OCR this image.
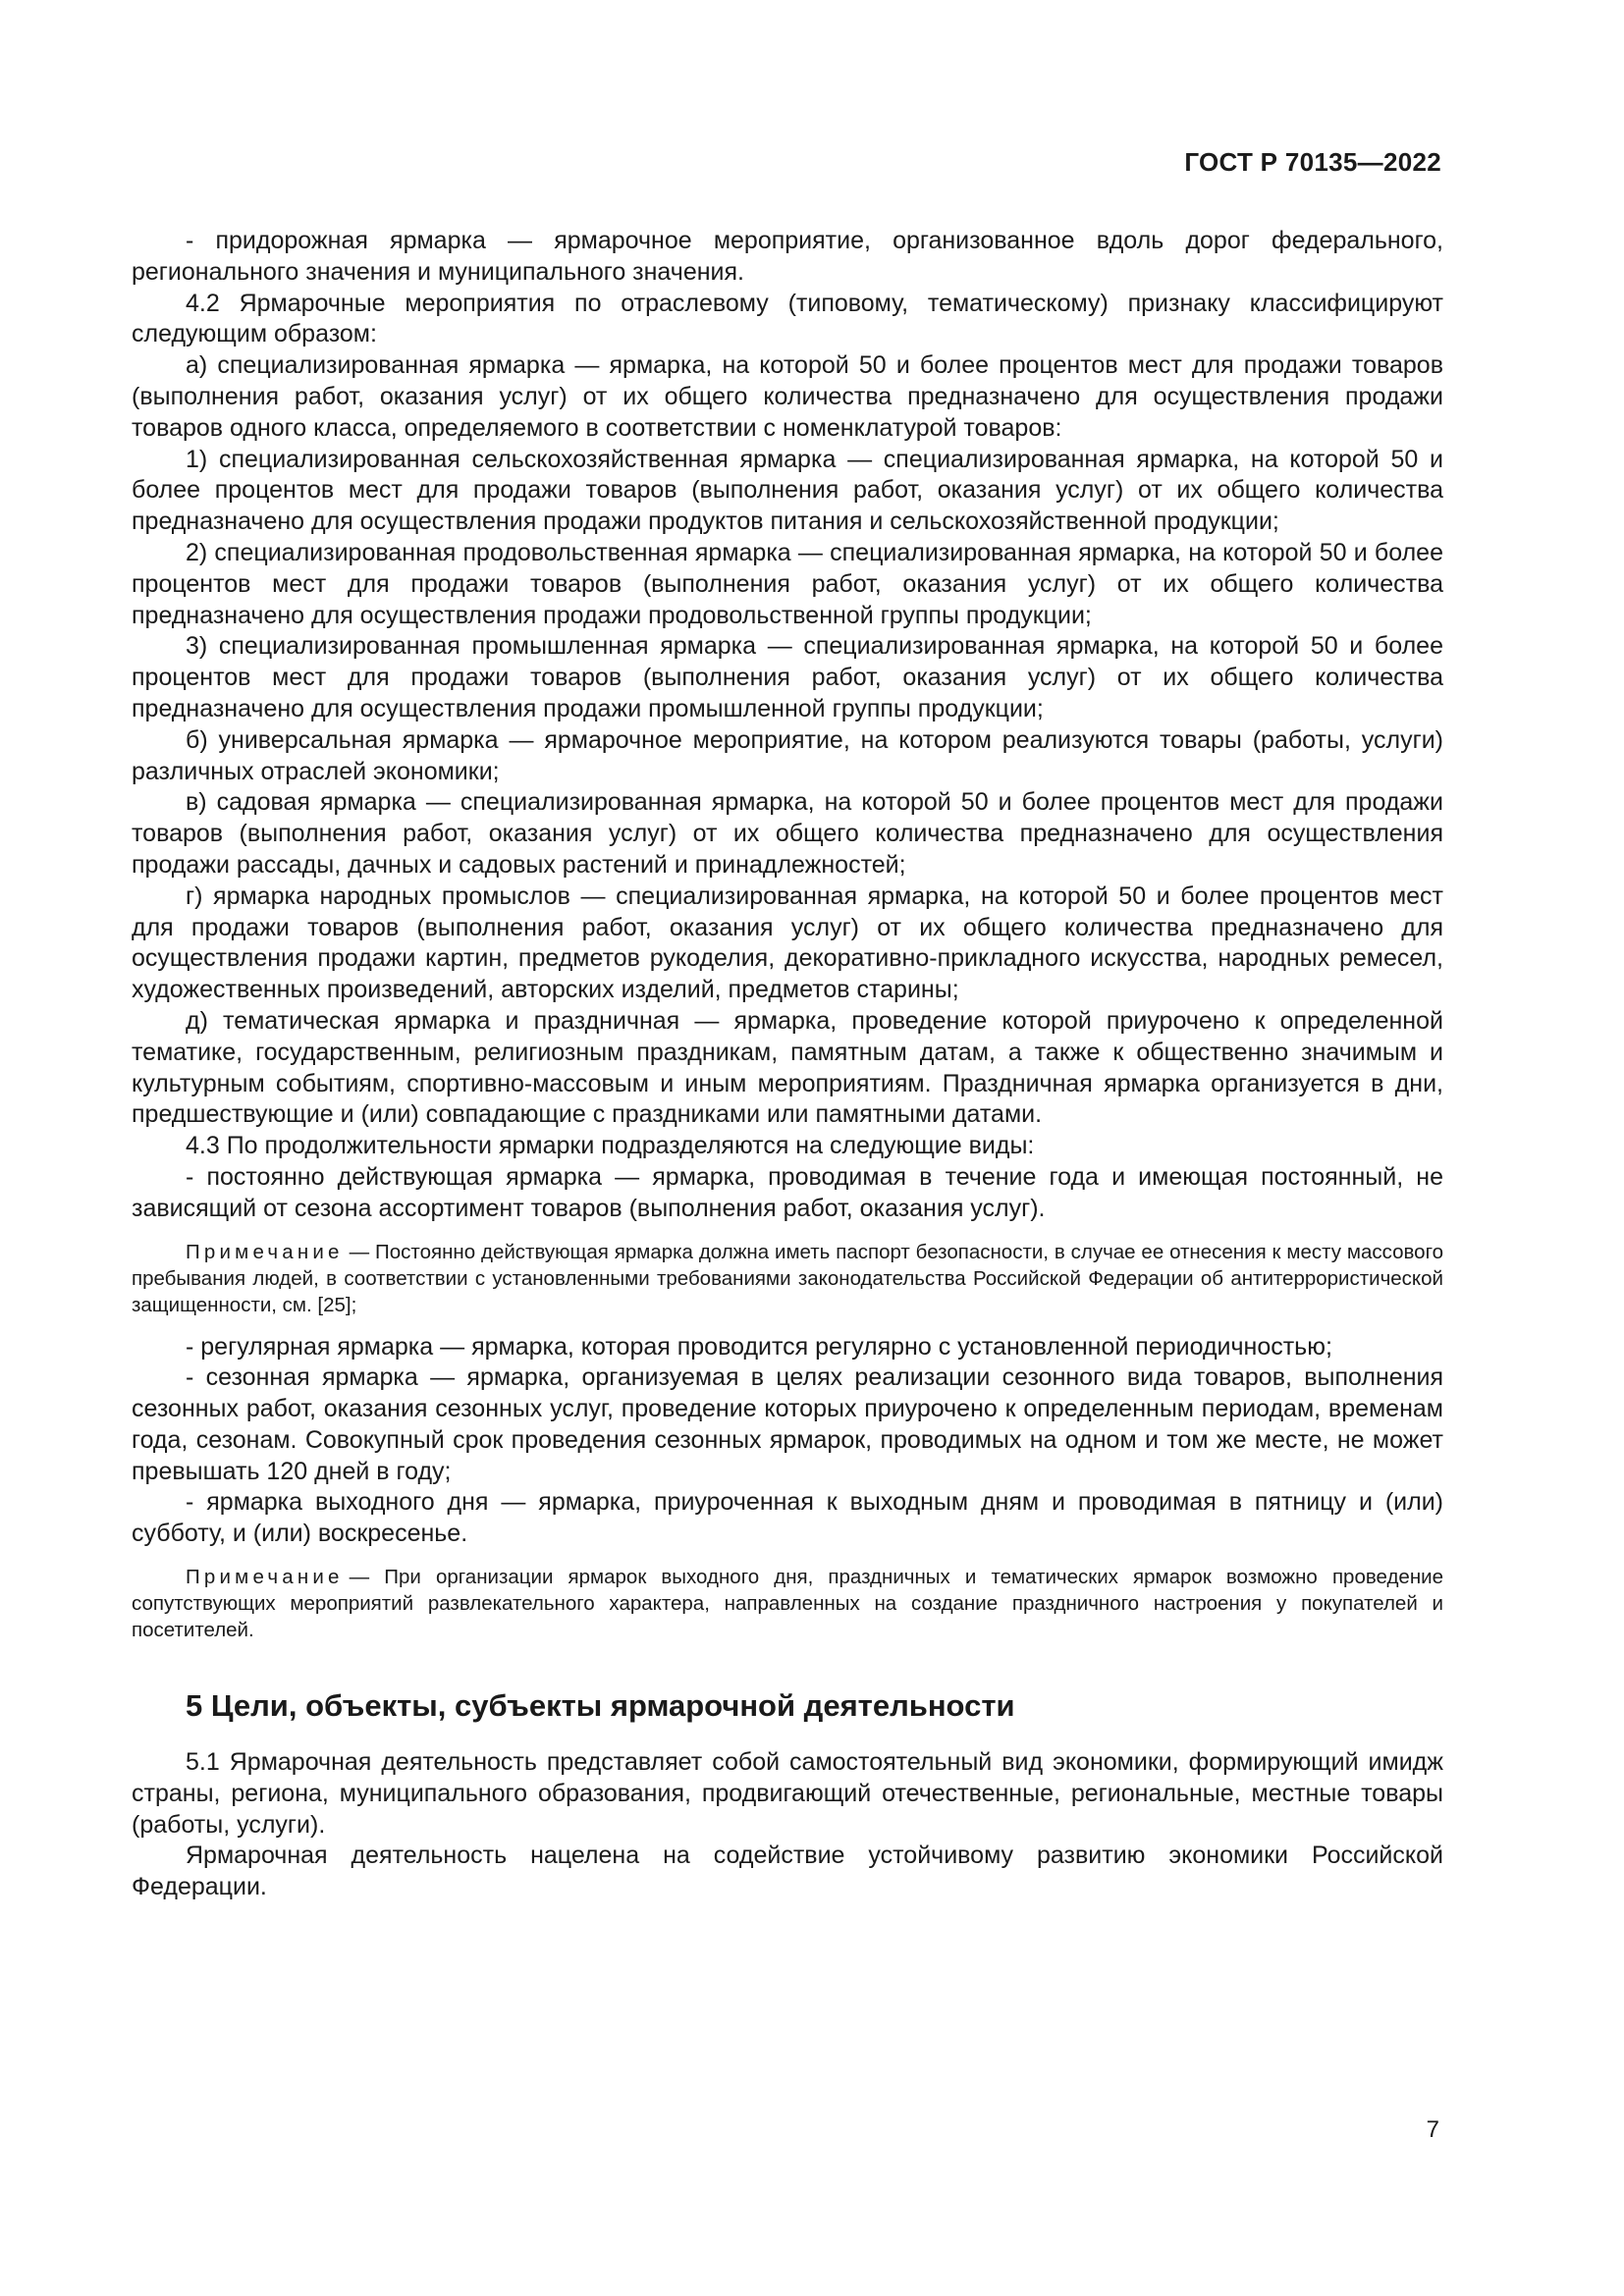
ГОСТ Р 70135—2022

- придорожная ярмарка — ярмарочное мероприятие, организованное вдоль дорог федерального, регионального значения и муниципального значения.

4.2 Ярмарочные мероприятия по отраслевому (типовому, тематическому) признаку классифицируют следующим образом:

а) специализированная ярмарка — ярмарка, на которой 50 и более процентов мест для продажи товаров (выполнения работ, оказания услуг) от их общего количества предназначено для осуществления продажи товаров одного класса, определяемого в соответствии с номенклатурой товаров:

1) специализированная сельскохозяйственная ярмарка — специализированная ярмарка, на которой 50 и более процентов мест для продажи товаров (выполнения работ, оказания услуг) от их общего количества предназначено для осуществления продажи продуктов питания и сельскохозяйственной продукции;

2) специализированная продовольственная ярмарка — специализированная ярмарка, на которой 50 и более процентов мест для продажи товаров (выполнения работ, оказания услуг) от их общего количества предназначено для осуществления продажи продовольственной группы продукции;

3) специализированная промышленная ярмарка — специализированная ярмарка, на которой 50 и более процентов мест для продажи товаров (выполнения работ, оказания услуг) от их общего количества предназначено для осуществления продажи промышленной группы продукции;

б) универсальная ярмарка — ярмарочное мероприятие, на котором реализуются товары (работы, услуги) различных отраслей экономики;

в) садовая ярмарка — специализированная ярмарка, на которой 50 и более процентов мест для продажи товаров (выполнения работ, оказания услуг) от их общего количества предназначено для осуществления продажи рассады, дачных и садовых растений и принадлежностей;

г) ярмарка народных промыслов — специализированная ярмарка, на которой 50 и более процентов мест для продажи товаров (выполнения работ, оказания услуг) от их общего количества предназначено для осуществления продажи картин, предметов рукоделия, декоративно-прикладного искусства, народных ремесел, художественных произведений, авторских изделий, предметов старины;

д) тематическая ярмарка и праздничная — ярмарка, проведение которой приурочено к определенной тематике, государственным, религиозным праздникам, памятным датам, а также к общественно значимым и культурным событиям, спортивно-массовым и иным мероприятиям. Праздничная ярмарка организуется в дни, предшествующие и (или) совпадающие с праздниками или памятными датами.

4.3 По продолжительности ярмарки подразделяются на следующие виды:

- постоянно действующая ярмарка — ярмарка, проводимая в течение года и имеющая постоянный, не зависящий от сезона ассортимент товаров (выполнения работ, оказания услуг).

Примечание — Постоянно действующая ярмарка должна иметь паспорт безопасности, в случае ее отнесения к месту массового пребывания людей, в соответствии с установленными требованиями законодательства Российской Федерации об антитеррористической защищенности, см. [25];

- регулярная ярмарка — ярмарка, которая проводится регулярно с установленной периодичностью;

- сезонная ярмарка — ярмарка, организуемая в целях реализации сезонного вида товаров, выполнения сезонных работ, оказания сезонных услуг, проведение которых приурочено к определенным периодам, временам года, сезонам. Совокупный срок проведения сезонных ярмарок, проводимых на одном и том же месте, не может превышать 120 дней в году;

- ярмарка выходного дня — ярмарка, приуроченная к выходным дням и проводимая в пятницу и (или) субботу, и (или) воскресенье.

Примечание — При организации ярмарок выходного дня, праздничных и тематических ярмарок возможно проведение сопутствующих мероприятий развлекательного характера, направленных на создание праздничного настроения у покупателей и посетителей.

5 Цели, объекты, субъекты ярмарочной деятельности

5.1 Ярмарочная деятельность представляет собой самостоятельный вид экономики, формирующий имидж страны, региона, муниципального образования, продвигающий отечественные, региональные, местные товары (работы, услуги).

Ярмарочная деятельность нацелена на содействие устойчивому развитию экономики Российской Федерации.

7
